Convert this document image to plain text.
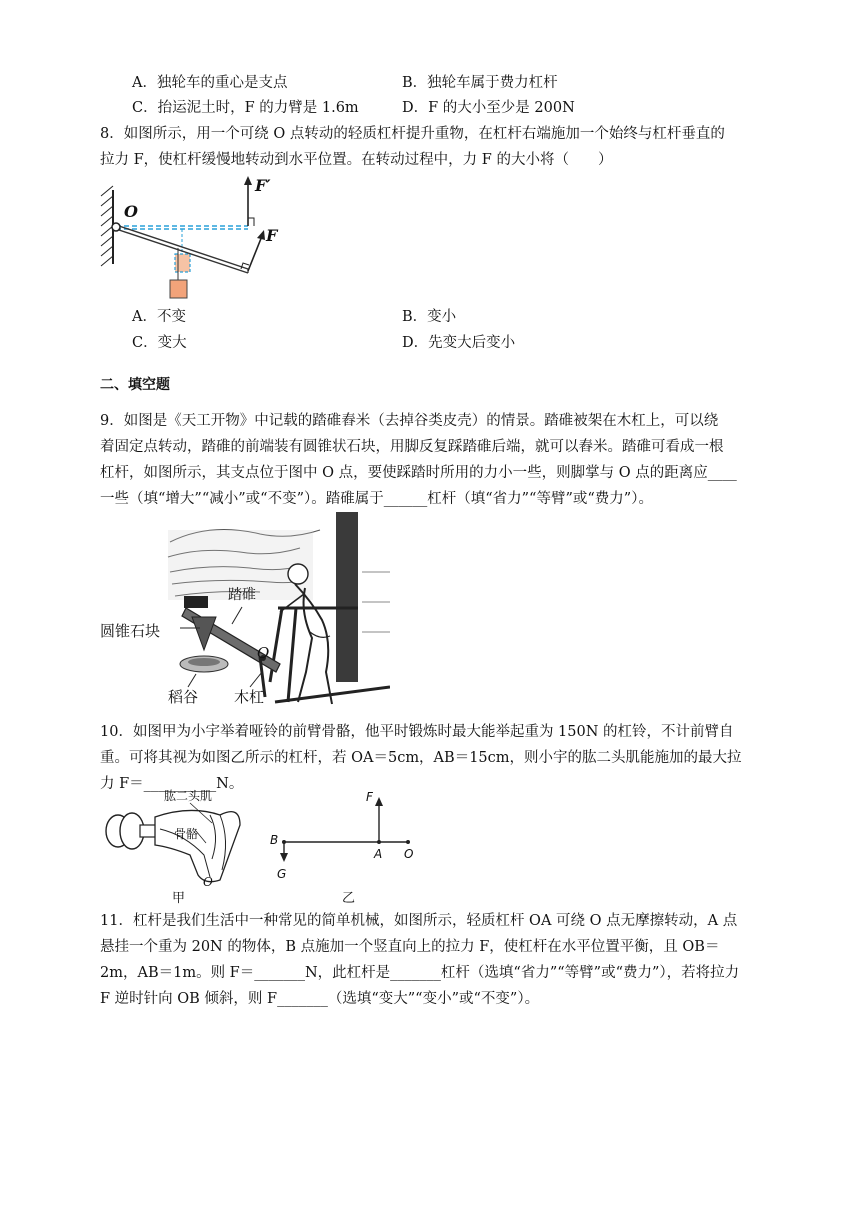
A．独轮车的重心是支点	B．独轮车属于费力杠杆
C．抬运泥土时，F 的力臂是 1.6m	D．F 的大小至少是 200N
8．如图所示，用一个可绕 O 点转动的轻质杠杆提升重物，在杠杆右端施加一个始终与杠杆垂直的
拉力 F，使杠杆缓慢地转动到水平位置。在转动过程中，力 F 的大小将（　　）
O
F′
F
A．不变	B．变小
C．变大	D．先变大后变小
二、填空题
9．如图是《天工开物》中记载的踏碓舂米（去掉谷类皮壳）的情景。踏碓被架在木杠上，可以绕
着固定点转动，踏碓的前端装有圆锥状石块，用脚反复踩踏碓后端，就可以舂米。踏碓可看成一根
杠杆，如图所示，其支点位于图中 O 点，要使踩踏时所用的力小一些，则脚掌与 O 点的距离应____
一些（填“增大”“减小”或“不变”）。踏碓属于______杠杆（填“省力”“等臂”或“费力”）。
踏碓
圆锥石块
O
稻谷 木杠
10．如图甲为小宇举着哑铃的前臂骨骼，他平时锻炼时最大能举起重为 150N 的杠铃，不计前臂自
重。可将其视为如图乙所示的杠杆，若 OA＝5cm，AB＝15cm，则小宇的肱二头肌能施加的最大拉
力 F＝__________N。
肱二头肌
骨骼
O
甲
F
B
A O
G
乙
11．杠杆是我们生活中一种常见的简单机械，如图所示，轻质杠杆 OA 可绕 O 点无摩擦转动，A 点
悬挂一个重为 20N 的物体，B 点施加一个竖直向上的拉力 F，使杠杆在水平位置平衡，且 OB＝
2m，AB＝1m。则 F＝_______N，此杠杆是_______杠杆（选填“省力”“等臂”或“费力”），若将拉力
F 逆时针向 OB 倾斜，则 F_______（选填“变大”“变小”或“不变”）。
